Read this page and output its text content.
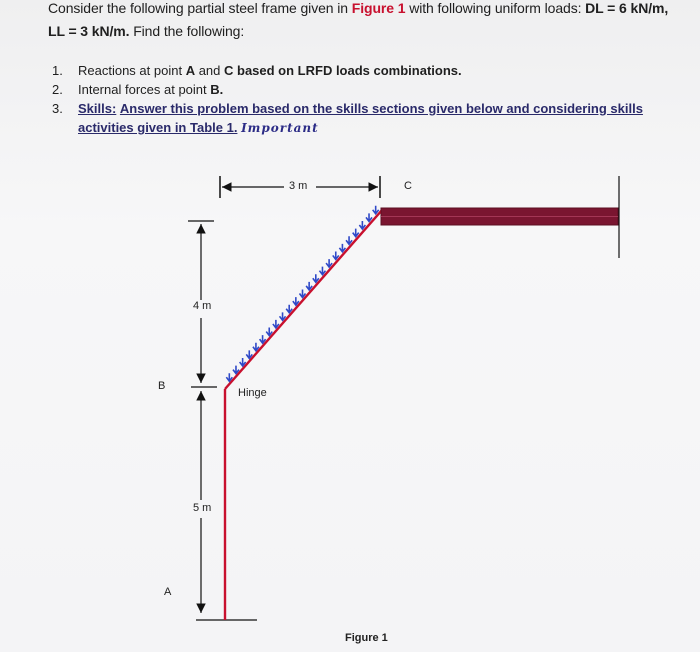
Consider the following partial steel frame given in Figure 1 with following uniform loads: DL = 6 kN/m,
LL = 3 kN/m. Find the following:
1. Reactions at point A and C based on LRFD loads combinations.
2. Internal forces at point B.
3. Skills: Answer this problem based on the skills sections given below and considering skills activities given in Table 1. Important
3 m	C
4 m
B
Hinge
5 m
A
Figure 1
